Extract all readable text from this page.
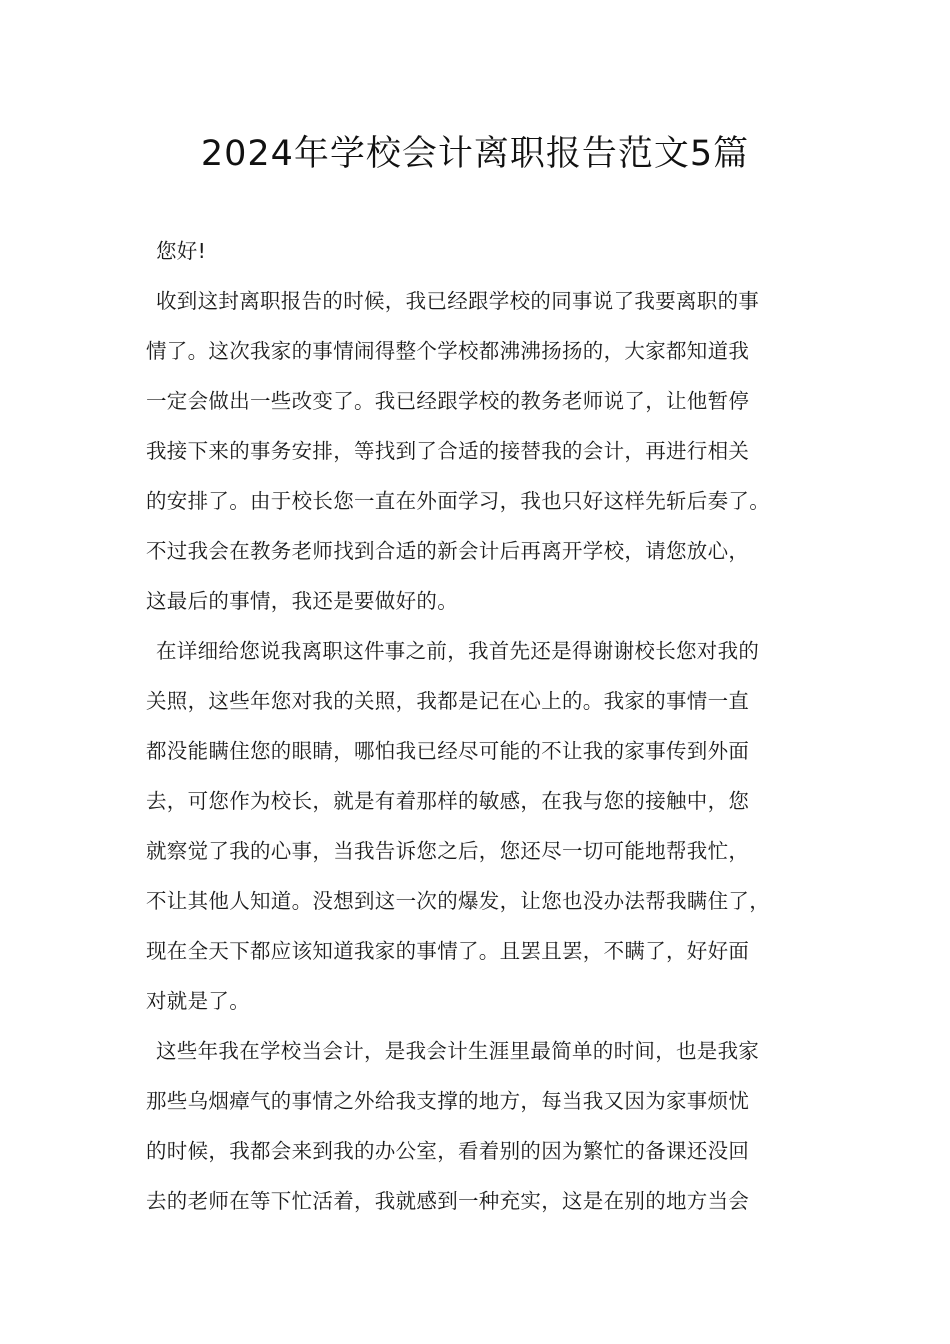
2024年学校会计离职报告范文5篇
您好!
收到这封离职报告的时候，我已经跟学校的同事说了我要离职的事
情了。这次我家的事情闹得整个学校都沸沸扬扬的，大家都知道我
一定会做出一些改变了。我已经跟学校的教务老师说了，让他暂停
我接下来的事务安排，等找到了合适的接替我的会计，再进行相关
的安排了。由于校长您一直在外面学习，我也只好这样先斩后奏了。
不过我会在教务老师找到合适的新会计后再离开学校，请您放心，
这最后的事情，我还是要做好的。
在详细给您说我离职这件事之前，我首先还是得谢谢校长您对我的
关照，这些年您对我的关照，我都是记在心上的。我家的事情一直
都没能瞒住您的眼睛，哪怕我已经尽可能的不让我的家事传到外面
去，可您作为校长，就是有着那样的敏感，在我与您的接触中，您
就察觉了我的心事，当我告诉您之后，您还尽一切可能地帮我忙，
不让其他人知道。没想到这一次的爆发，让您也没办法帮我瞒住了，
现在全天下都应该知道我家的事情了。且罢且罢，不瞒了，好好面
对就是了。
这些年我在学校当会计，是我会计生涯里最简单的时间，也是我家
那些乌烟瘴气的事情之外给我支撑的地方，每当我又因为家事烦忧
的时候，我都会来到我的办公室，看着别的因为繁忙的备课还没回
去的老师在等下忙活着，我就感到一种充实，这是在别的地方当会
